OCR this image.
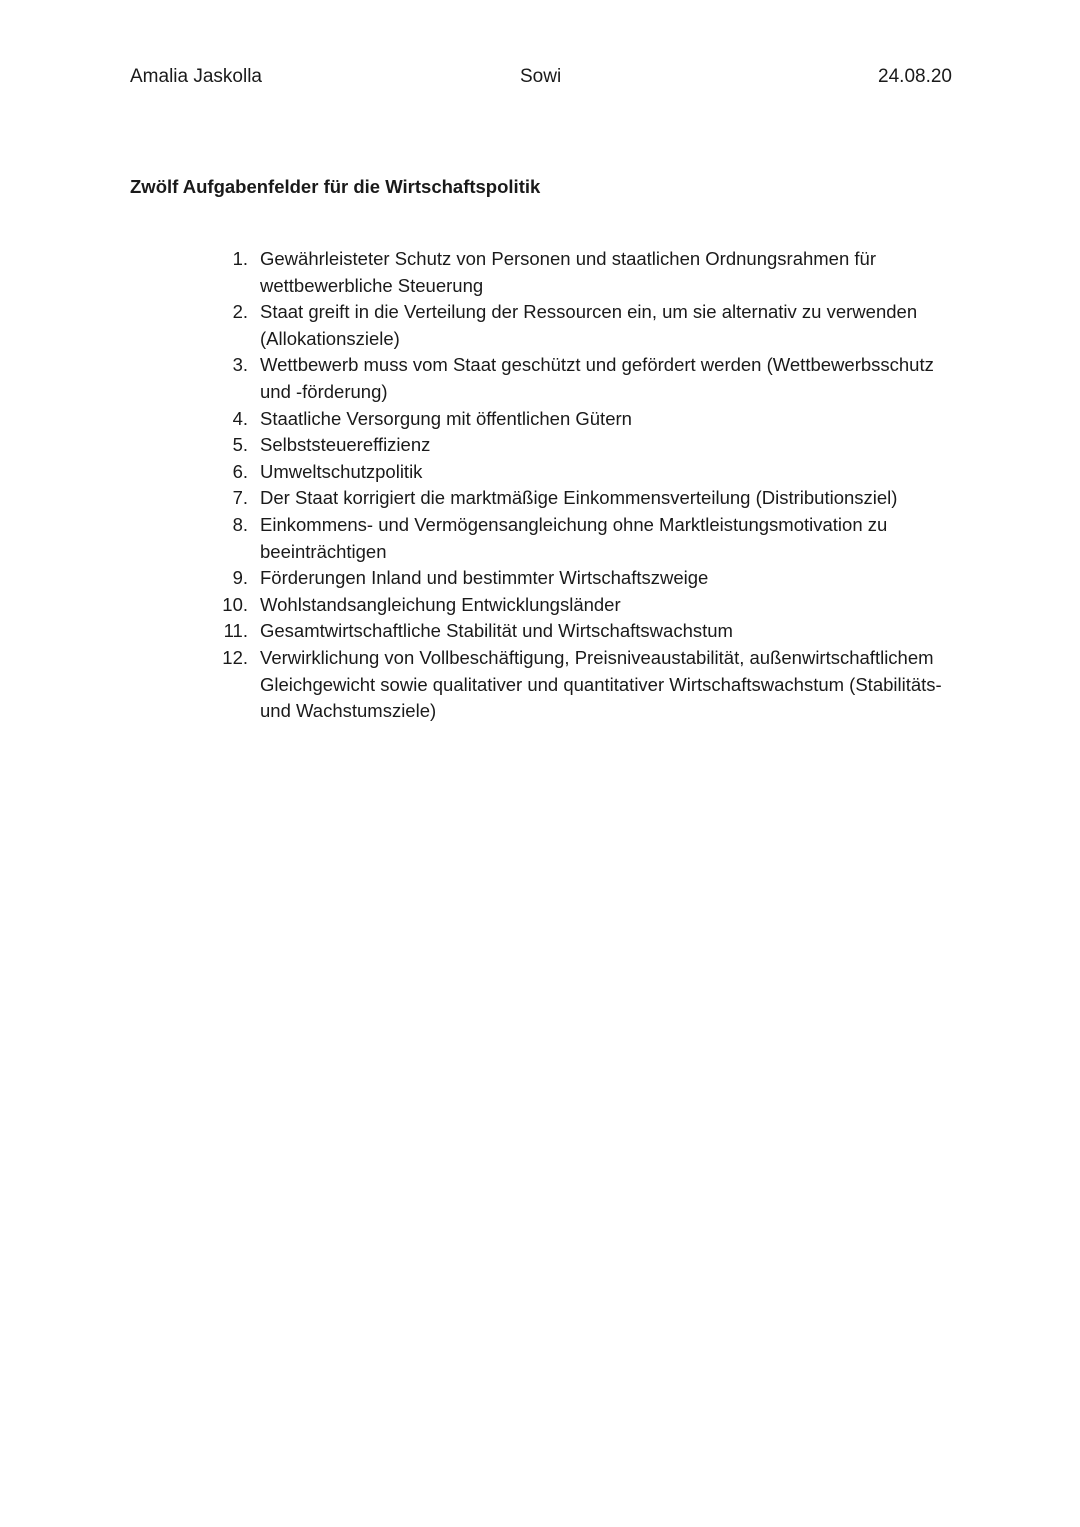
Amalia Jaskolla	Sowi	24.08.20
Zwölf Aufgabenfelder für die Wirtschaftspolitik
1. Gewährleisteter Schutz von Personen und staatlichen Ordnungsrahmen für wettbewerbliche Steuerung
2. Staat greift in die Verteilung der Ressourcen ein, um sie alternativ zu verwenden (Allokationsziele)
3. Wettbewerb muss vom Staat geschützt und gefördert werden (Wettbewerbsschutz und -förderung)
4. Staatliche Versorgung mit öffentlichen Gütern
5. Selbststeuereffizienz
6. Umweltschutzpolitik
7. Der Staat korrigiert die marktmäßige Einkommensverteilung (Distributionsziel)
8. Einkommens- und Vermögensangleichung ohne Marktleistungsmotivation zu beeinträchtigen
9. Förderungen Inland und bestimmter Wirtschaftszweige
10. Wohlstandsangleichung Entwicklungsländer
11. Gesamtwirtschaftliche Stabilität und Wirtschaftswachstum
12. Verwirklichung von Vollbeschäftigung, Preisniveaustabilität, außenwirtschaftlichem Gleichgewicht sowie qualitativer und quantitativer Wirtschaftswachstum (Stabilitäts- und Wachstumsziele)
